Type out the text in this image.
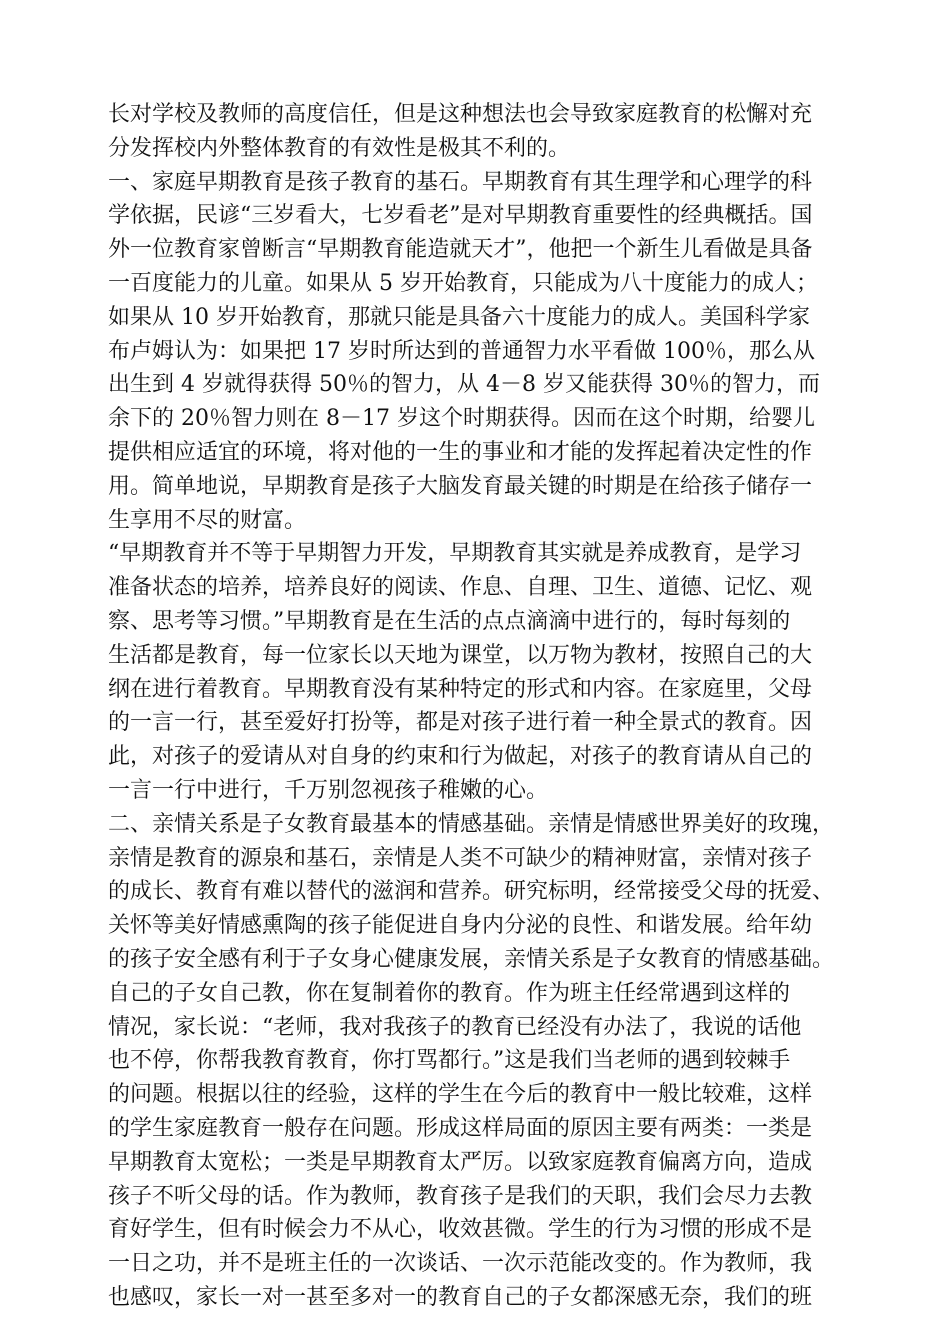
长对学校及教师的高度信任，但是这种想法也会导致家庭教育的松懈对充
分发挥校内外整体教育的有效性是极其不利的。
一、家庭早期教育是孩子教育的基石。早期教育有其生理学和心理学的科
学依据，民谚“三岁看大，七岁看老”是对早期教育重要性的经典概括。国
外一位教育家曾断言“早期教育能造就天才”，他把一个新生儿看做是具备
一百度能力的儿童。如果从 5 岁开始教育，只能成为八十度能力的成人；
如果从 10 岁开始教育，那就只能是具备六十度能力的成人。美国科学家
布卢姆认为：如果把 17 岁时所达到的普通智力水平看做 100％，那么从
出生到 4 岁就得获得 50％的智力，从 4－8 岁又能获得 30％的智力，而
余下的 20％智力则在 8－17 岁这个时期获得。因而在这个时期，给婴儿
提供相应适宜的环境，将对他的一生的事业和才能的发挥起着决定性的作
用。简单地说，早期教育是孩子大脑发育最关键的时期是在给孩子储存一
生享用不尽的财富。
“早期教育并不等于早期智力开发，早期教育其实就是养成教育，是学习
准备状态的培养，培养良好的阅读、作息、自理、卫生、道德、记忆、观
察、思考等习惯。”早期教育是在生活的点点滴滴中进行的，每时每刻的
生活都是教育，每一位家长以天地为课堂，以万物为教材，按照自己的大
纲在进行着教育。早期教育没有某种特定的形式和内容。在家庭里，父母
的一言一行，甚至爱好打扮等，都是对孩子进行着一种全景式的教育。因
此，对孩子的爱请从对自身的约束和行为做起，对孩子的教育请从自己的
一言一行中进行，千万别忽视孩子稚嫩的心。
二、亲情关系是子女教育最基本的情感基础。亲情是情感世界美好的玫瑰，
亲情是教育的源泉和基石，亲情是人类不可缺少的精神财富，亲情对孩子
的成长、教育有难以替代的滋润和营养。研究标明，经常接受父母的抚爱、
关怀等美好情感熏陶的孩子能促进自身内分泌的良性、和谐发展。给年幼
的孩子安全感有利于子女身心健康发展，亲情关系是子女教育的情感基础。
自己的子女自己教，你在复制着你的教育。作为班主任经常遇到这样的
情况，家长说：“老师，我对我孩子的教育已经没有办法了，我说的话他
也不停，你帮我教育教育，你打骂都行。”这是我们当老师的遇到较棘手
的问题。根据以往的经验，这样的学生在今后的教育中一般比较难，这样
的学生家庭教育一般存在问题。形成这样局面的原因主要有两类：一类是
早期教育太宽松；一类是早期教育太严厉。以致家庭教育偏离方向，造成
孩子不听父母的话。作为教师，教育孩子是我们的天职，我们会尽力去教
育好学生，但有时候会力不从心，收效甚微。学生的行为习惯的形成不是
一日之功，并不是班主任的一次谈话、一次示范能改变的。作为教师，我
也感叹，家长一对一甚至多对一的教育自己的子女都深感无奈，我们的班
